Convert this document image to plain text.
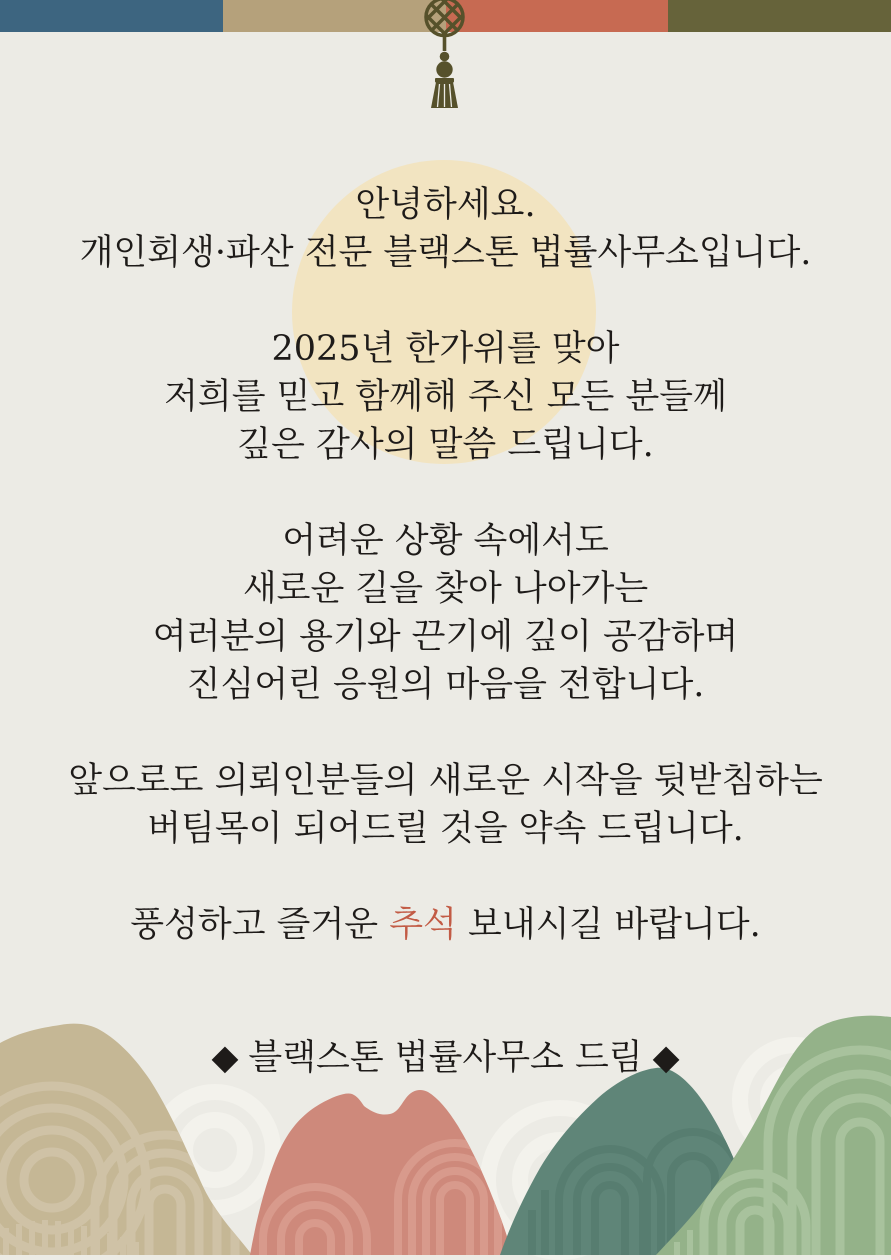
안녕하세요.
개인회생·파산 전문 블랙스톤 법률사무소입니다.

2025년 한가위를 맞아
저희를 믿고 함께해 주신 모든 분들께
깊은 감사의 말씀 드립니다.

어려운 상황 속에서도
새로운 길을 찾아 나아가는
여러분의 용기와 끈기에 깊이 공감하며
진심어린 응원의 마음을 전합니다.

앞으로도 의뢰인분들의 새로운 시작을 뒷받침하는
버팀목이 되어드릴 것을 약속 드립니다.

풍성하고 즐거운 추석 보내시길 바랍니다.

◆ 블랙스톤 법률사무소 드림 ◆
